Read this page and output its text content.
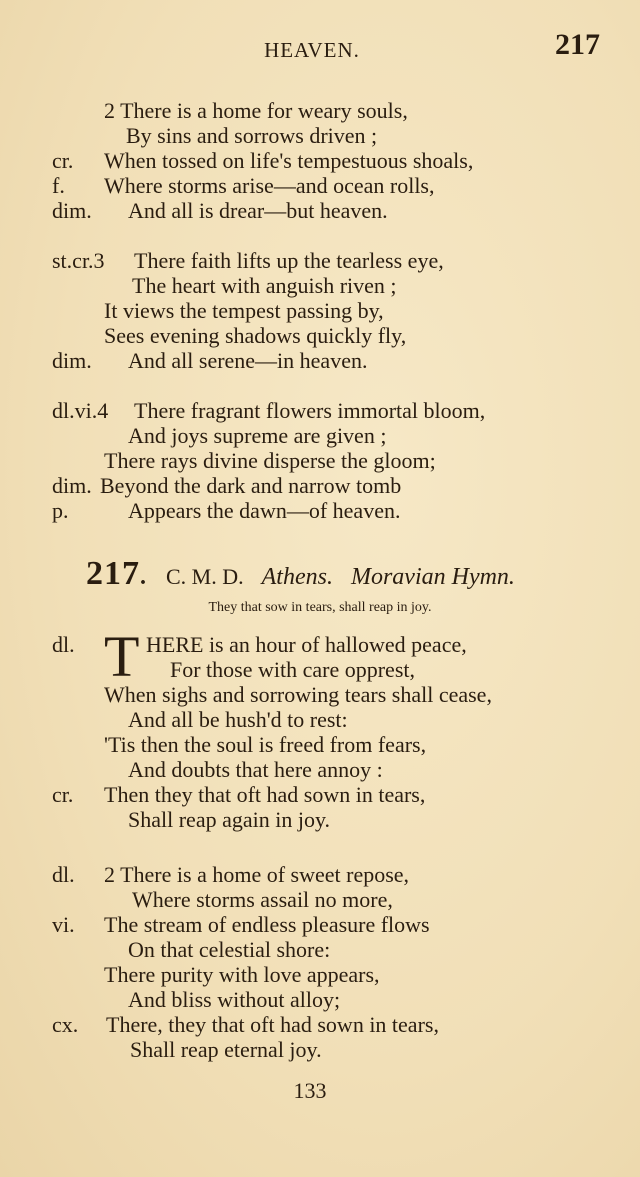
HEAVEN.	217
2 There is a home for weary souls,
By sins and sorrows driven ;
cr. When tossed on life's tempestuous shoals,
f. Where storms arise—and ocean rolls,
dim. And all is drear—but heaven.
st.cr.3 There faith lifts up the tearless eye,
The heart with anguish riven ;
It views the tempest passing by,
Sees evening shadows quickly fly,
dim. And all serene—in heaven.
dl.vi.4 There fragrant flowers immortal bloom,
And joys supreme are given ;
There rays divine disperse the gloom;
dim. Beyond the dark and narrow tomb
p.	Appears the dawn—of heaven.
217. C. M. D. Athens. Moravian Hymn.
They that sow in tears, shall reap in joy.
T
dl.	HERE is an hour of hallowed peace,
For those with care opprest,
When sighs and sorrowing tears shall cease,
And all be hush'd to rest:
'Tis then the soul is freed from fears,
And doubts that here annoy :
cr. Then they that oft had sown in tears,
Shall reap again in joy.
dl. 2 There is a home of sweet repose,
Where storms assail no more,
vi. The stream of endless pleasure flows
On that celestial shore:
There purity with love appears,
And bliss without alloy;
cx. There, they that oft had sown in tears,
Shall reap eternal joy.
133
